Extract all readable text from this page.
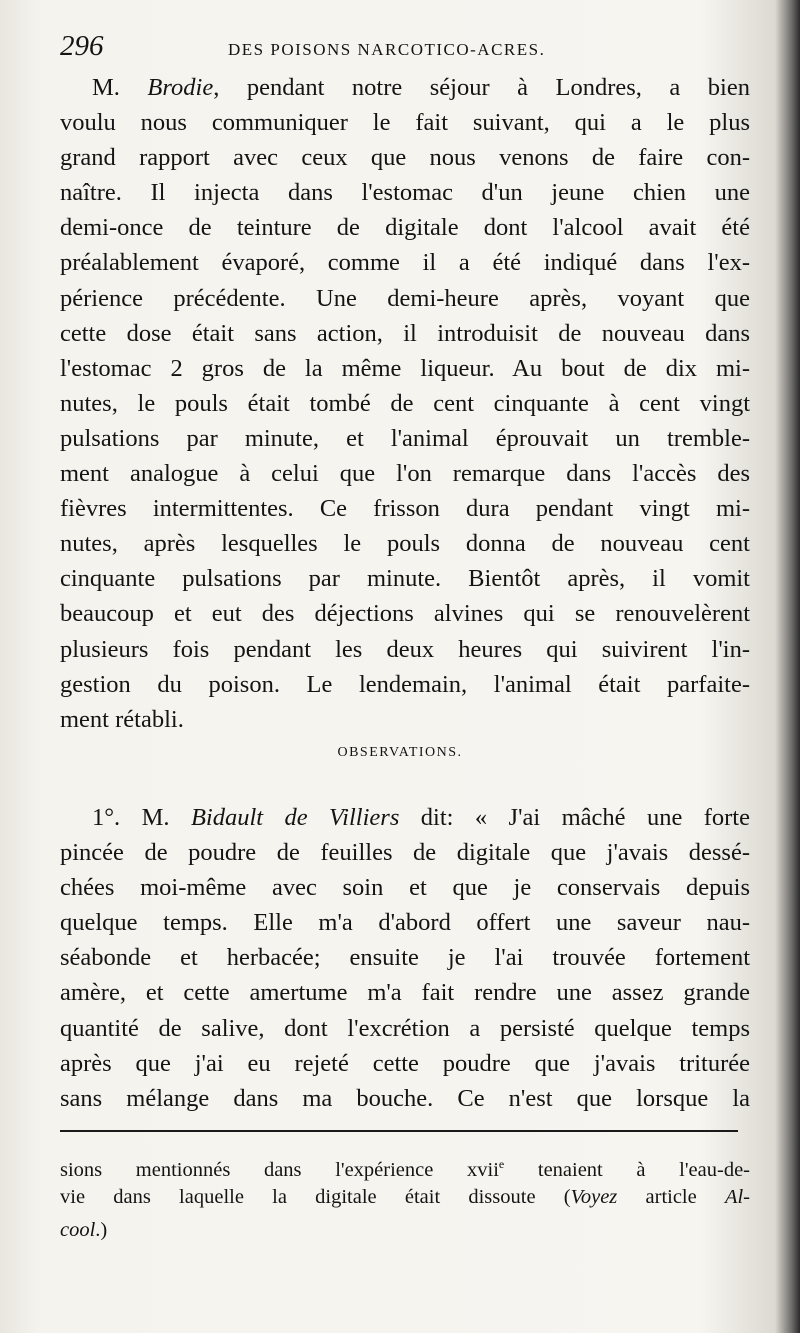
296	DES POISONS NARCOTICO-ACRES.
M. Brodie, pendant notre séjour à Londres, a bien
voulu nous communiquer le fait suivant, qui a le plus
grand rapport avec ceux que nous venons de faire con-
naître. Il injecta dans l'estomac d'un jeune chien une
demi-once de teinture de digitale dont l'alcool avait été
préalablement évaporé, comme il a été indiqué dans l'ex-
périence précédente. Une demi-heure après, voyant que
cette dose était sans action, il introduisit de nouveau dans
l'estomac 2 gros de la même liqueur. Au bout de dix mi-
nutes, le pouls était tombé de cent cinquante à cent vingt
pulsations par minute, et l'animal éprouvait un tremble-
ment analogue à celui que l'on remarque dans l'accès des
fièvres intermittentes. Ce frisson dura pendant vingt mi-
nutes, après lesquelles le pouls donna de nouveau cent
cinquante pulsations par minute. Bientôt après, il vomit
beaucoup et eut des déjections alvines qui se renouvelèrent
plusieurs fois pendant les deux heures qui suivirent l'in-
gestion du poison. Le lendemain, l'animal était parfaite-
ment rétabli.
OBSERVATIONS.
1°. M. Bidault de Villiers dit: « J'ai mâché une forte
pincée de poudre de feuilles de digitale que j'avais dessé-
chées moi-même avec soin et que je conservais depuis
quelque temps. Elle m'a d'abord offert une saveur nau-
séabonde et herbacée; ensuite je l'ai trouvée fortement
amère, et cette amertume m'a fait rendre une assez grande
quantité de salive, dont l'excrétion a persisté quelque temps
après que j'ai eu rejeté cette poudre que j'avais triturée
sans mélange dans ma bouche. Ce n'est que lorsque la
sions mentionnés dans l'expérience xvii$^e$ tenaient à l'eau-de-
vie dans laquelle la digitale était dissoute (Voyez article Al-
cool.)
